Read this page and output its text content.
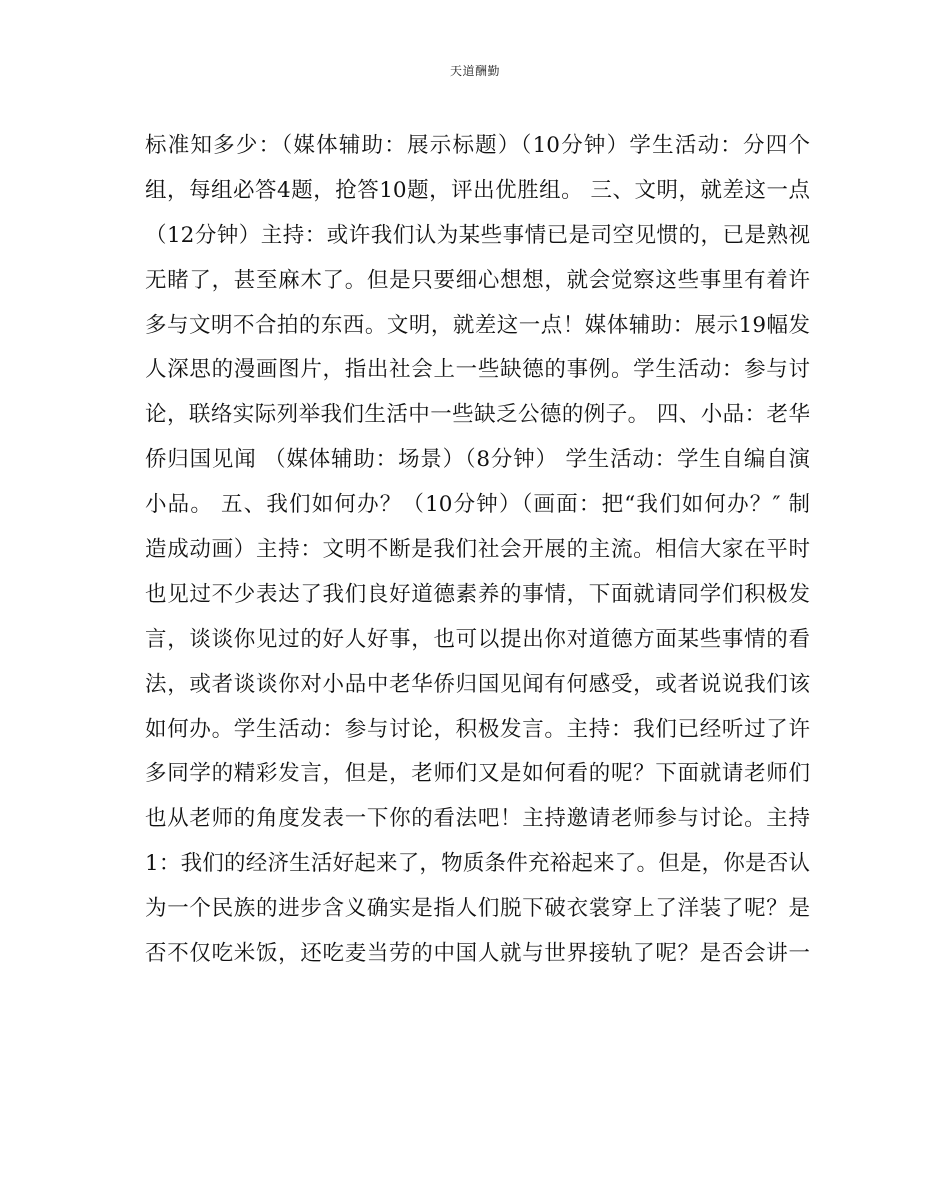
天道酬勤
标准知多少：（媒体辅助：展示标题）（10分钟）学生活动：分四个
组，每组必答4题，抢答10题，评出优胜组。 三、文明，就差这一点
（12分钟）主持：或许我们认为某些事情已是司空见惯的，已是熟视
无睹了，甚至麻木了。但是只要细心想想，就会觉察这些事里有着许
多与文明不合拍的东西。文明，就差这一点！媒体辅助：展示19幅发
人深思的漫画图片，指出社会上一些缺德的事例。学生活动：参与讨
论，联络实际列举我们生活中一些缺乏公德的例子。 四、小品：老华
侨归国见闻 （媒体辅助：场景）（8分钟） 学生活动：学生自编自演
小品。 五、我们如何办？（10分钟）（画面：把“我们如何办？″ 制
造成动画）主持：文明不断是我们社会开展的主流。相信大家在平时
也见过不少表达了我们良好道德素养的事情，下面就请同学们积极发
言，谈谈你见过的好人好事，也可以提出你对道德方面某些事情的看
法，或者谈谈你对小品中老华侨归国见闻有何感受，或者说说我们该
如何办。学生活动：参与讨论，积极发言。主持：我们已经听过了许
多同学的精彩发言，但是，老师们又是如何看的呢？下面就请老师们
也从老师的角度发表一下你的看法吧！主持邀请老师参与讨论。主持
1：我们的经济生活好起来了，物质条件充裕起来了。但是，你是否认
为一个民族的进步含义确实是指人们脱下破衣裳穿上了洋装了呢？是
否不仅吃米饭，还吃麦当劳的中国人就与世界接轨了呢？是否会讲一
